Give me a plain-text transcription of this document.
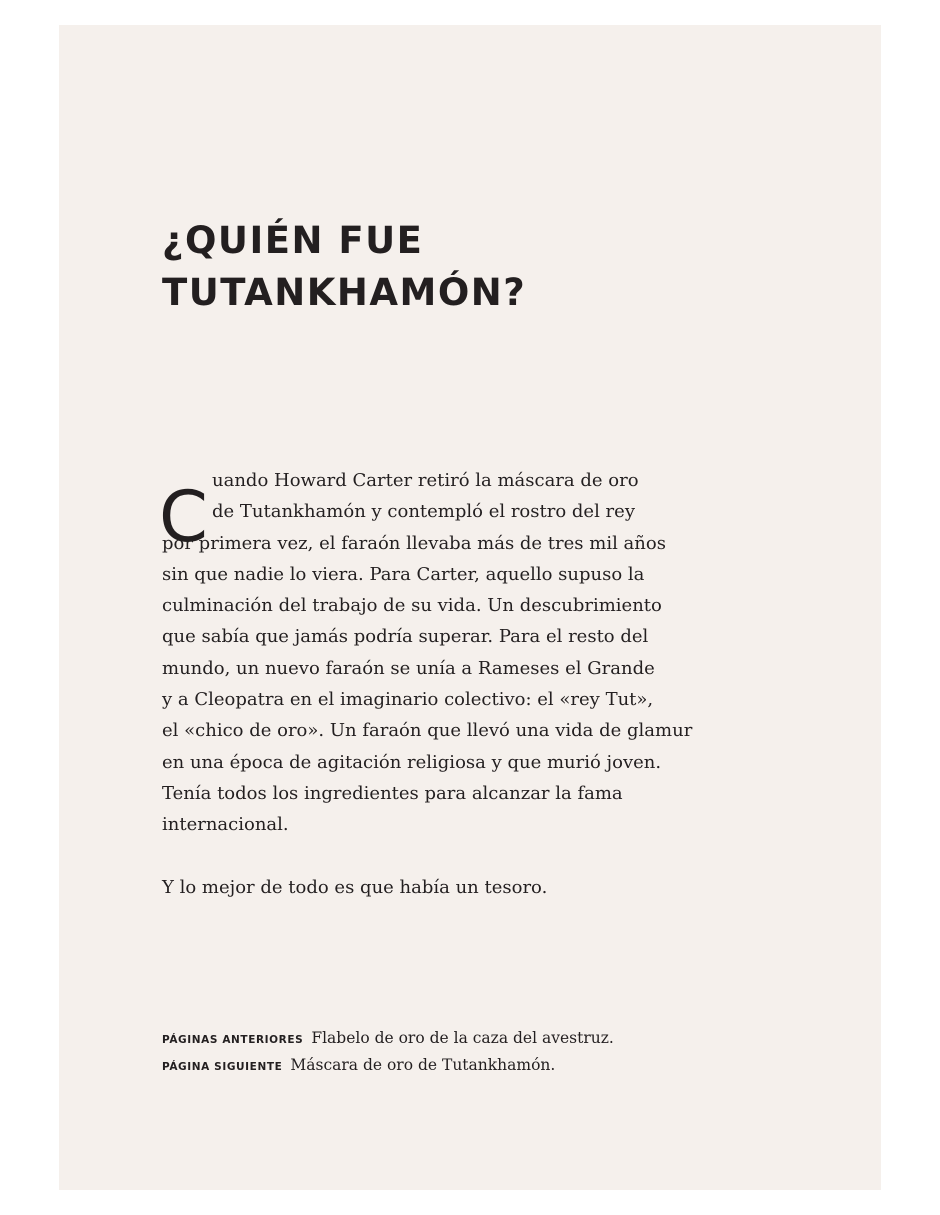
¿QUIÉN FUE
TUTANKHAMÓN?
C uando Howard Carter retiró la máscara de oro
de Tutankhamón y contempló el rostro del rey
por primera vez, el faraón llevaba más de tres mil años
sin que nadie lo viera. Para Carter, aquello supuso la
culminación del trabajo de su vida. Un descubrimiento
que sabía que jamás podría superar. Para el resto del
mundo, un nuevo faraón se unía a Rameses el Grande
y a Cleopatra en el imaginario colectivo: el «rey Tut»,
el «chico de oro». Un faraón que llevó una vida de glamur
en una época de agitación religiosa y que murió joven.
Tenía todos los ingredientes para alcanzar la fama
internacional.
Y lo mejor de todo es que había un tesoro.
PÁGINAS ANTERIORES Flabelo de oro de la caza del avestruz.
PÁGINA SIGUIENTE Máscara de oro de Tutankhamón.
